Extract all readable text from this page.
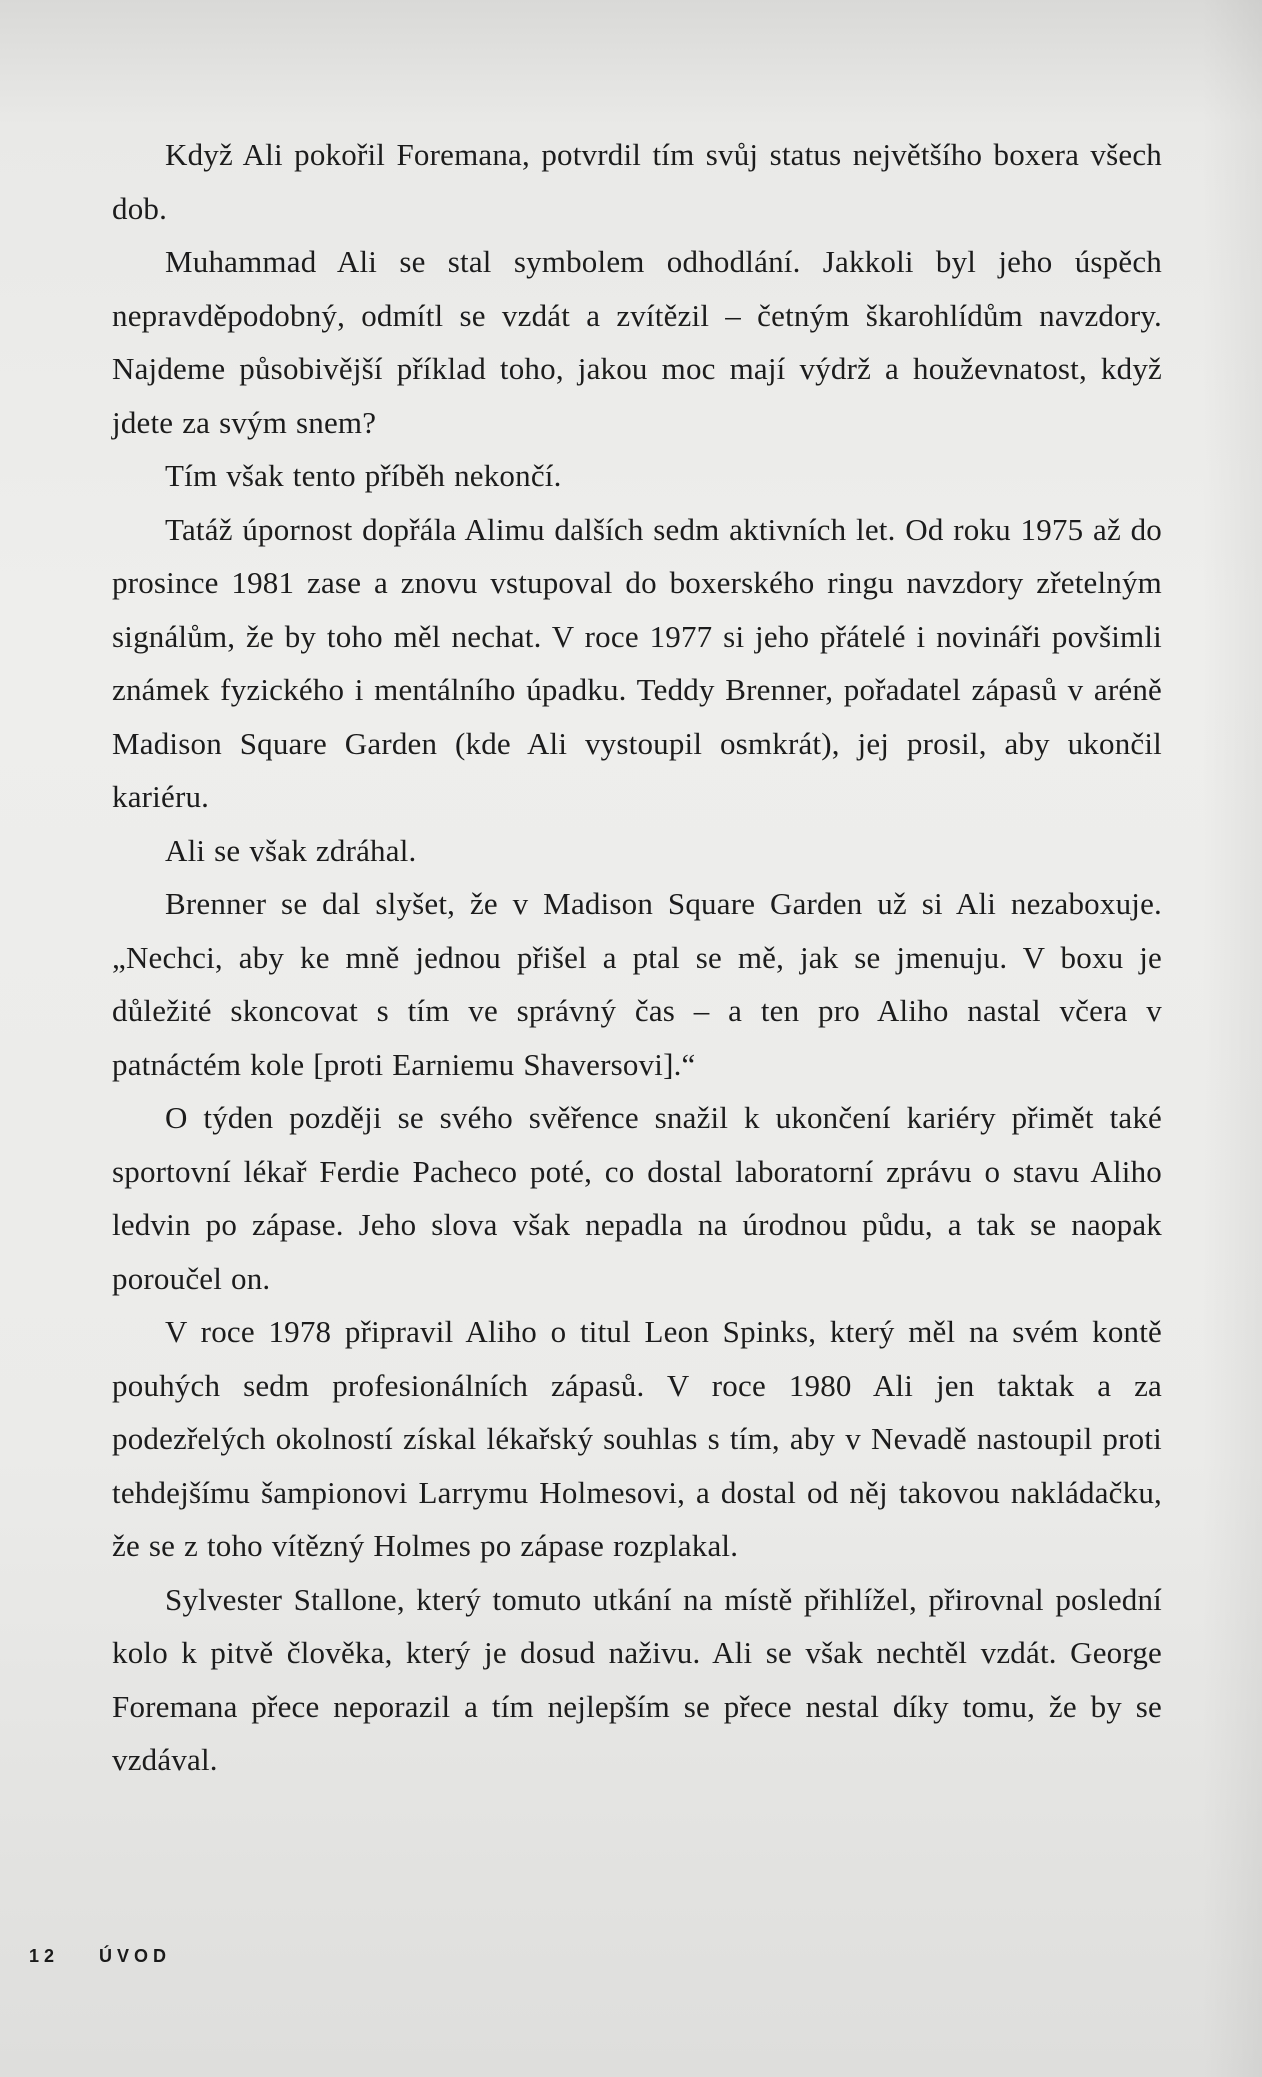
Když Ali pokořil Foremana, potvrdil tím svůj status největšího boxera všech dob.

Muhammad Ali se stal symbolem odhodlání. Jakkoli byl jeho úspěch nepravděpodobný, odmítl se vzdát a zvítězil – četným škarohlídům navzdory. Najdeme působivější příklad toho, jakou moc mají výdrž a houževnatost, když jdete za svým snem?

Tím však tento příběh nekončí.

Tatáž úpornost dopřála Alimu dalších sedm aktivních let. Od roku 1975 až do prosince 1981 zase a znovu vstupoval do boxerského ringu navzdory zřetelným signálům, že by toho měl nechat. V roce 1977 si jeho přátelé i novináři povšimli známek fyzického i mentálního úpadku. Teddy Brenner, pořadatel zápasů v aréně Madison Square Garden (kde Ali vystoupil osmkrát), jej prosil, aby ukončil kariéru.

Ali se však zdráhal.

Brenner se dal slyšet, že v Madison Square Garden už si Ali nezaboxuje. „Nechci, aby ke mně jednou přišel a ptal se mě, jak se jmenuju. V boxu je důležité skoncovat s tím ve správný čas – a ten pro Aliho nastal včera v patnáctém kole [proti Earniemu Shaversovi].“

O týden později se svého svěřence snažil k ukončení kariéry přimět také sportovní lékař Ferdie Pacheco poté, co dostal laboratorní zprávu o stavu Aliho ledvin po zápase. Jeho slova však nepadla na úrodnou půdu, a tak se naopak poroučel on.

V roce 1978 připravil Aliho o titul Leon Spinks, který měl na svém kontě pouhých sedm profesionálních zápasů. V roce 1980 Ali jen taktak a za podezřelých okolností získal lékařský souhlas s tím, aby v Nevadě nastoupil proti tehdejšímu šampionovi Larrymu Holmesovi, a dostal od něj takovou nakládačku, že se z toho vítězný Holmes po zápase rozplakal.

Sylvester Stallone, který tomuto utkání na místě přihlížel, přirovnal poslední kolo k pitvě člověka, který je dosud naživu. Ali se však nechtěl vzdát. George Foremana přece neporazil a tím nejlepším se přece nestal díky tomu, že by se vzdával.

12 ÚVOD
